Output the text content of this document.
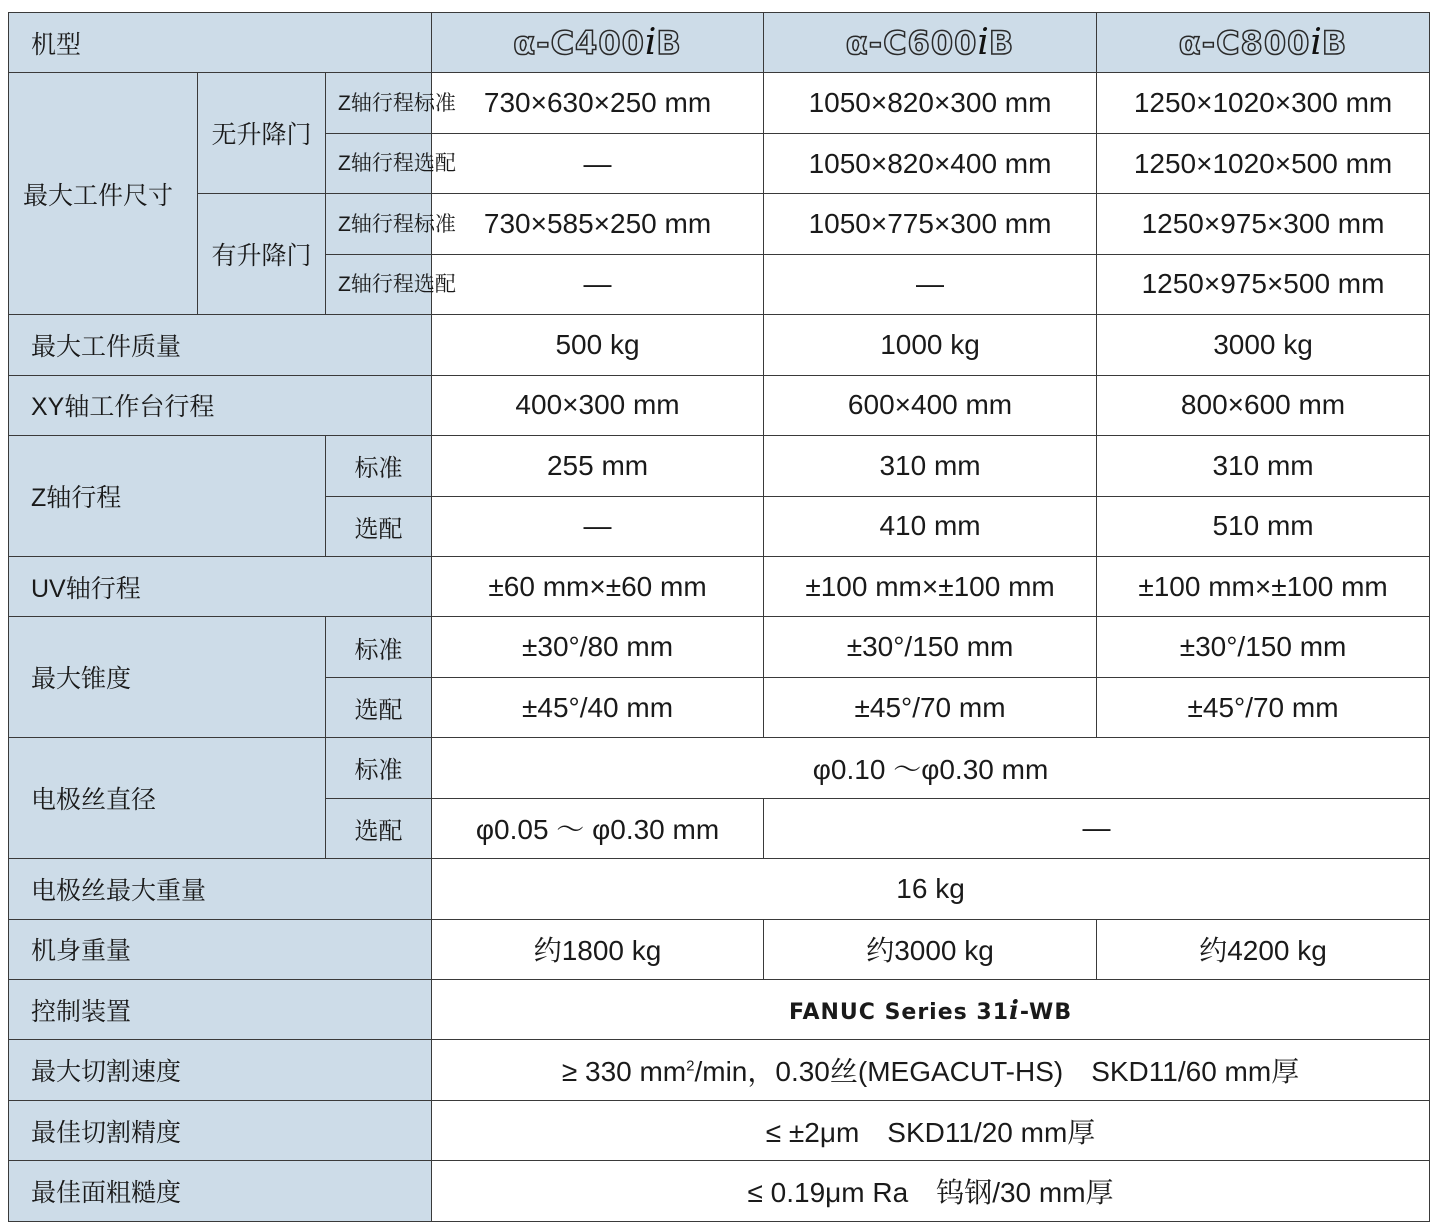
机型			α-C400iB	α-C600iB	α-C800iB
最大工件尺寸	无升降门	Z轴行程标准	730×630×250 mm	1050×820×300 mm	1250×1020×300 mm
		Z轴行程选配	—	1050×820×400 mm	1250×1020×500 mm
	有升降门	Z轴行程标准	730×585×250 mm	1050×775×300 mm	1250×975×300 mm
		Z轴行程选配	—	—	1250×975×500 mm
最大工件质量			500 kg	1000 kg	3000 kg
XY轴工作台行程			400×300 mm	600×400 mm	800×600 mm
Z轴行程		标准	255 mm	310 mm	310 mm
		选配	—	410 mm	510 mm
UV轴行程			±60 mm×±60 mm	±100 mm×±100 mm	±100 mm×±100 mm
最大锥度		标准	±30°/80 mm	±30°/150 mm	±30°/150 mm
		选配	±45°/40 mm	±45°/70 mm	±45°/70 mm
电极丝直径		标准	φ0.10 ～φ0.30 mm		
		选配	φ0.05 ～ φ0.30 mm	—	
电极丝最大重量			16 kg		
机身重量			约1800 kg	约3000 kg	约4200 kg
控制装置			FANUC Series 31i-WB		
最大切割速度			≥ 330 $mm^2/\min$，0.30丝(MEGACUT-HS)　SKD11/60 mm厚		
最佳切割精度			≤ ±2μm　SKD11/20 mm厚		
最佳面粗糙度			≤ 0.19μm Ra　钨钢/30 mm厚		
